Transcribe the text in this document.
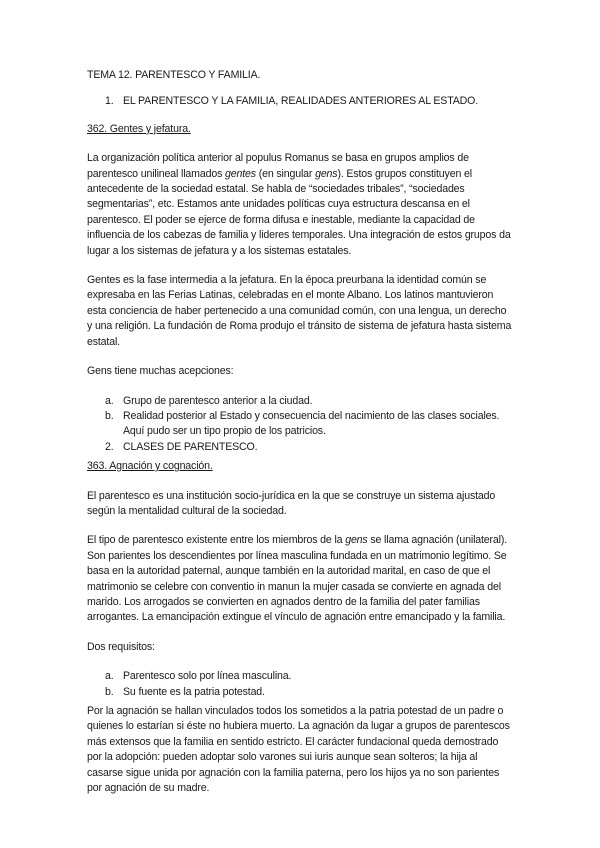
TEMA 12. PARENTESCO Y FAMILIA.

1. EL PARENTESCO Y LA FAMILIA, REALIDADES ANTERIORES AL ESTADO.

362. Gentes y jefatura.

La organización política anterior al populus Romanus se basa en grupos amplios de parentesco unilineal llamados gentes (en singular gens). Estos grupos constituyen el antecedente de la sociedad estatal. Se habla de “sociedades tribales”, “sociedades segmentarias”, etc. Estamos ante unidades políticas cuya estructura descansa en el parentesco. El poder se ejerce de forma difusa e inestable, mediante la capacidad de influencia de los cabezas de familia y lideres temporales. Una integración de estos grupos da lugar a los sistemas de jefatura y a los sistemas estatales.

Gentes es la fase intermedia a la jefatura. En la época preurbana la identidad común se expresaba en las Ferias Latinas, celebradas en el monte Albano. Los latinos mantuvieron esta conciencia de haber pertenecido a una comunidad común, con una lengua, un derecho y una religión. La fundación de Roma produjo el tránsito de sistema de jefatura hasta sistema estatal.

Gens tiene muchas acepciones:

a. Grupo de parentesco anterior a la ciudad.
b. Realidad posterior al Estado y consecuencia del nacimiento de las clases sociales. Aquí pudo ser un tipo propio de los patricios.
2. CLASES DE PARENTESCO.

363. Agnación y cognación.

El parentesco es una institución socio-jurídica en la que se construye un sistema ajustado según la mentalidad cultural de la sociedad.

El tipo de parentesco existente entre los miembros de la gens se llama agnación (unilateral). Son parientes los descendientes por línea masculina fundada en un matrimonio legítimo. Se basa en la autoridad paternal, aunque también en la autoridad marital, en caso de que el matrimonio se celebre con conventio in manun la mujer casada se convierte en agnada del marido. Los arrogados se convierten en agnados dentro de la familia del pater familias arrogantes. La emancipación extingue el vínculo de agnación entre emancipado y la familia.

Dos requisitos:

a. Parentesco solo por línea masculina.
b. Su fuente es la patria potestad.

Por la agnación se hallan vinculados todos los sometidos a la patria potestad de un padre o quienes lo estarían si éste no hubiera muerto. La agnación da lugar a grupos de parentescos más extensos que la familia en sentido estricto. El carácter fundacional queda demostrado por la adopción: pueden adoptar solo varones sui iuris aunque sean solteros; la hija al casarse sigue unida por agnación con la familia paterna, pero los hijos ya no son parientes por agnación de su madre.
